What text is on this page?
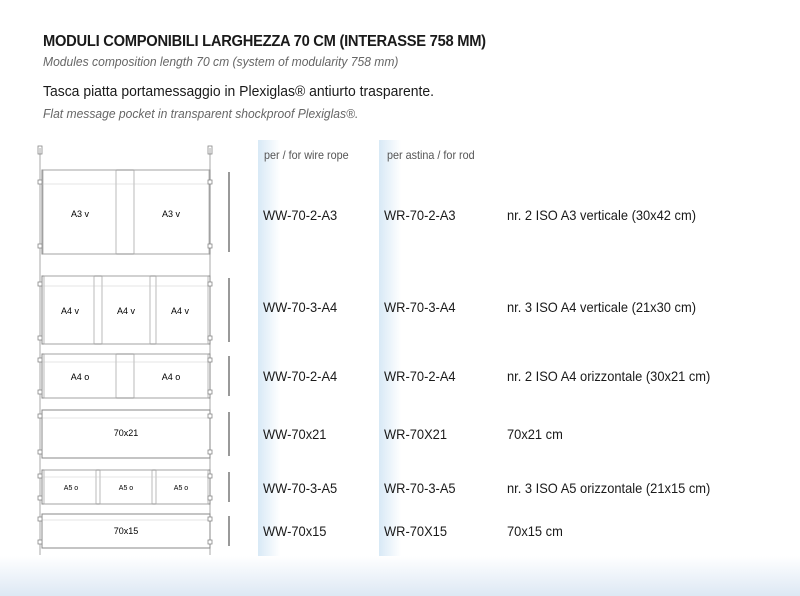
MODULI COMPONIBILI LARGHEZZA 70 CM (INTERASSE 758 MM)
Modules composition length 70 cm (system of modularity 758 mm)
Tasca piatta portamessaggio in Plexiglas® antiurto trasparente.
Flat message pocket in transparent shockproof Plexiglas®.
per / for wire rope	per astina / for rod
A3 v	A3 v
A4 v	A4 v	A4 v
A4 o	A4 o
70x21
A5 o	A5 o	A5 o
70x15
WW-70-2-A3	WR-70-2-A3	nr. 2 ISO A3 verticale (30x42 cm)
WW-70-3-A4	WR-70-3-A4	nr. 3 ISO A4 verticale (21x30 cm)
WW-70-2-A4	WR-70-2-A4	nr. 2 ISO A4 orizzontale (30x21 cm)
WW-70x21	WR-70X21	70x21 cm
WW-70-3-A5	WR-70-3-A5	nr. 3 ISO A5 orizzontale (21x15 cm)
WW-70x15	WR-70X15	70x15 cm
